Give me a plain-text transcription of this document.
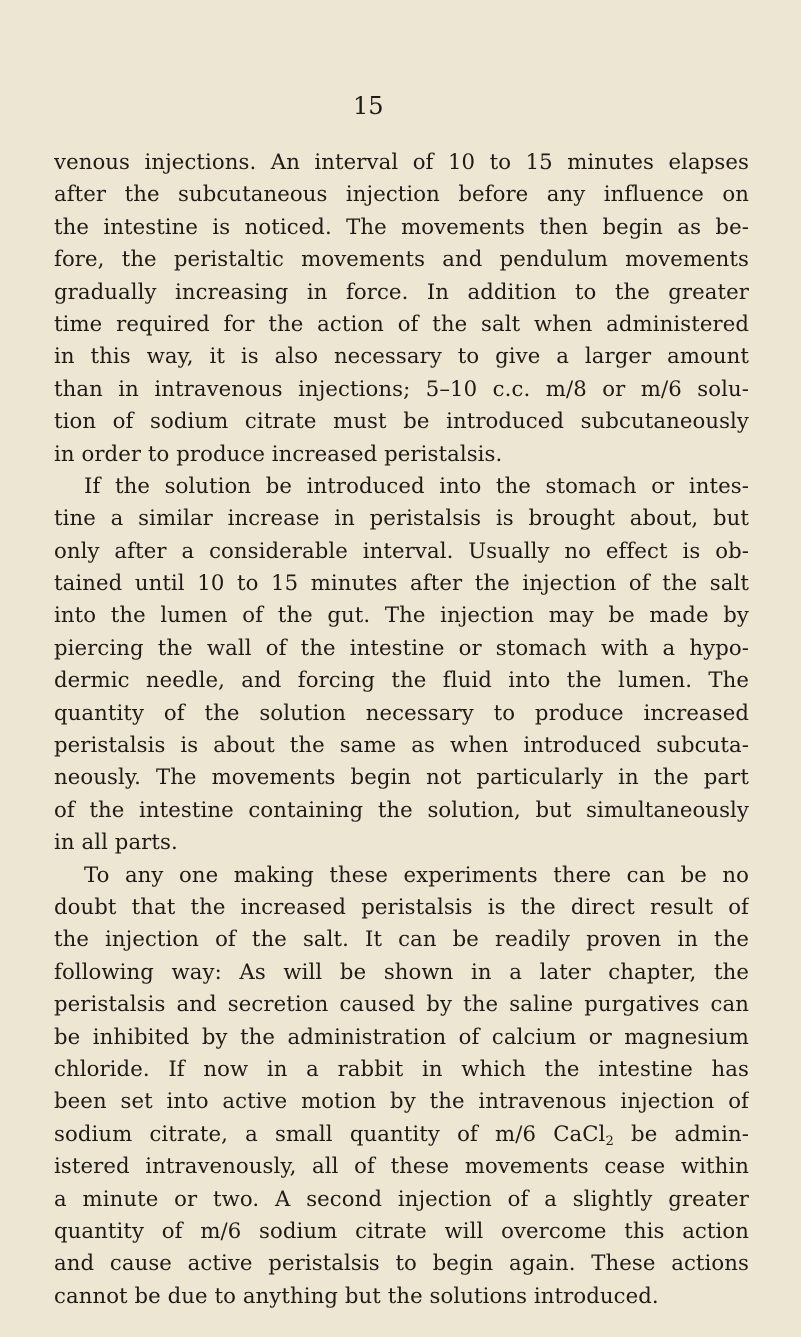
15
venous injections. An interval of 10 to 15 minutes elapses
after the subcutaneous injection before any influence on
the intestine is noticed. The movements then begin as be-
fore, the peristaltic movements and pendulum movements
gradually increasing in force. In addition to the greater
time required for the action of the salt when administered
in this way, it is also necessary to give a larger amount
than in intravenous injections; 5–10 c.c. m/8 or m/6 solu-
tion of sodium citrate must be introduced subcutaneously
in order to produce increased peristalsis.
If the solution be introduced into the stomach or intes-
tine a similar increase in peristalsis is brought about, but
only after a considerable interval. Usually no effect is ob-
tained until 10 to 15 minutes after the injection of the salt
into the lumen of the gut. The injection may be made by
piercing the wall of the intestine or stomach with a hypo-
dermic needle, and forcing the fluid into the lumen. The
quantity of the solution necessary to produce increased
peristalsis is about the same as when introduced subcuta-
neously. The movements begin not particularly in the part
of the intestine containing the solution, but simultaneously
in all parts.
To any one making these experiments there can be no
doubt that the increased peristalsis is the direct result of
the injection of the salt. It can be readily proven in the
following way: As will be shown in a later chapter, the
peristalsis and secretion caused by the saline purgatives can
be inhibited by the administration of calcium or magnesium
chloride. If now in a rabbit in which the intestine has
been set into active motion by the intravenous injection of
sodium citrate, a small quantity of m/6 CaCl$_2$ be admin-
istered intravenously, all of these movements cease within
a minute or two. A second injection of a slightly greater
quantity of m/6 sodium citrate will overcome this action
and cause active peristalsis to begin again. These actions
cannot be due to anything but the solutions introduced.
